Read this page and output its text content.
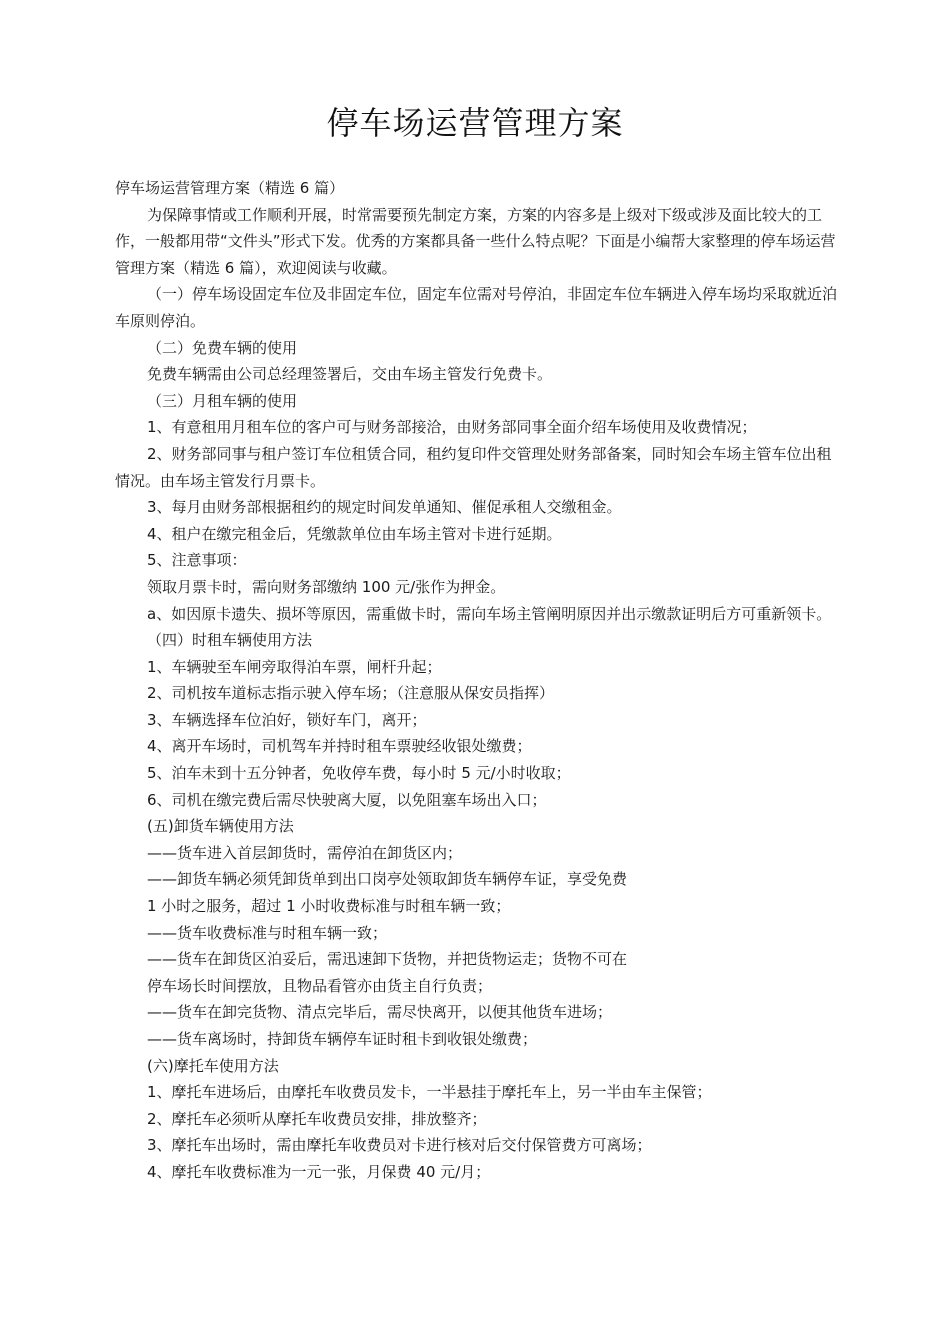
停车场运营管理方案

停车场运营管理方案（精选 6 篇）

为保障事情或工作顺利开展，时常需要预先制定方案，方案的内容多是上级对下级或涉及面比较大的工作，一般都用带“文件头”形式下发。优秀的方案都具备一些什么特点呢？下面是小编帮大家整理的停车场运营管理方案（精选 6 篇），欢迎阅读与收藏。

（一）停车场设固定车位及非固定车位，固定车位需对号停泊，非固定车位车辆进入停车场均采取就近泊车原则停泊。

（二）免费车辆的使用

免费车辆需由公司总经理签署后，交由车场主管发行免费卡。

（三）月租车辆的使用

1、有意租用月租车位的客户可与财务部接洽，由财务部同事全面介绍车场使用及收费情况；

2、财务部同事与租户签订车位租赁合同，租约复印件交管理处财务部备案，同时知会车场主管车位出租情况。由车场主管发行月票卡。

3、每月由财务部根据租约的规定时间发单通知、催促承租人交缴租金。

4、租户在缴完租金后，凭缴款单位由车场主管对卡进行延期。

5、注意事项：

领取月票卡时，需向财务部缴纳 100 元/张作为押金。

a、如因原卡遗失、损坏等原因，需重做卡时，需向车场主管阐明原因并出示缴款证明后方可重新领卡。

（四）时租车辆使用方法

1、车辆驶至车闸旁取得泊车票，闸杆升起；

2、司机按车道标志指示驶入停车场；（注意服从保安员指挥）

3、车辆选择车位泊好，锁好车门，离开；

4、离开车场时，司机驾车并持时租车票驶经收银处缴费；

5、泊车未到十五分钟者，免收停车费，每小时 5 元/小时收取；

6、司机在缴完费后需尽快驶离大厦，以免阻塞车场出入口；

(五)卸货车辆使用方法

——货车进入首层卸货时，需停泊在卸货区内；

——卸货车辆必须凭卸货单到出口岗亭处领取卸货车辆停车证，享受免费

1 小时之服务，超过 1 小时收费标准与时租车辆一致；

——货车收费标准与时租车辆一致；

——货车在卸货区泊妥后，需迅速卸下货物，并把货物运走；货物不可在

停车场长时间摆放，且物品看管亦由货主自行负责；

——货车在卸完货物、清点完毕后，需尽快离开，以便其他货车进场；

——货车离场时，持卸货车辆停车证时租卡到收银处缴费；

(六)摩托车使用方法

1、摩托车进场后，由摩托车收费员发卡，一半悬挂于摩托车上，另一半由车主保管；

2、摩托车必须听从摩托车收费员安排，排放整齐；

3、摩托车出场时，需由摩托车收费员对卡进行核对后交付保管费方可离场；

4、摩托车收费标准为一元一张，月保费 40 元/月；
